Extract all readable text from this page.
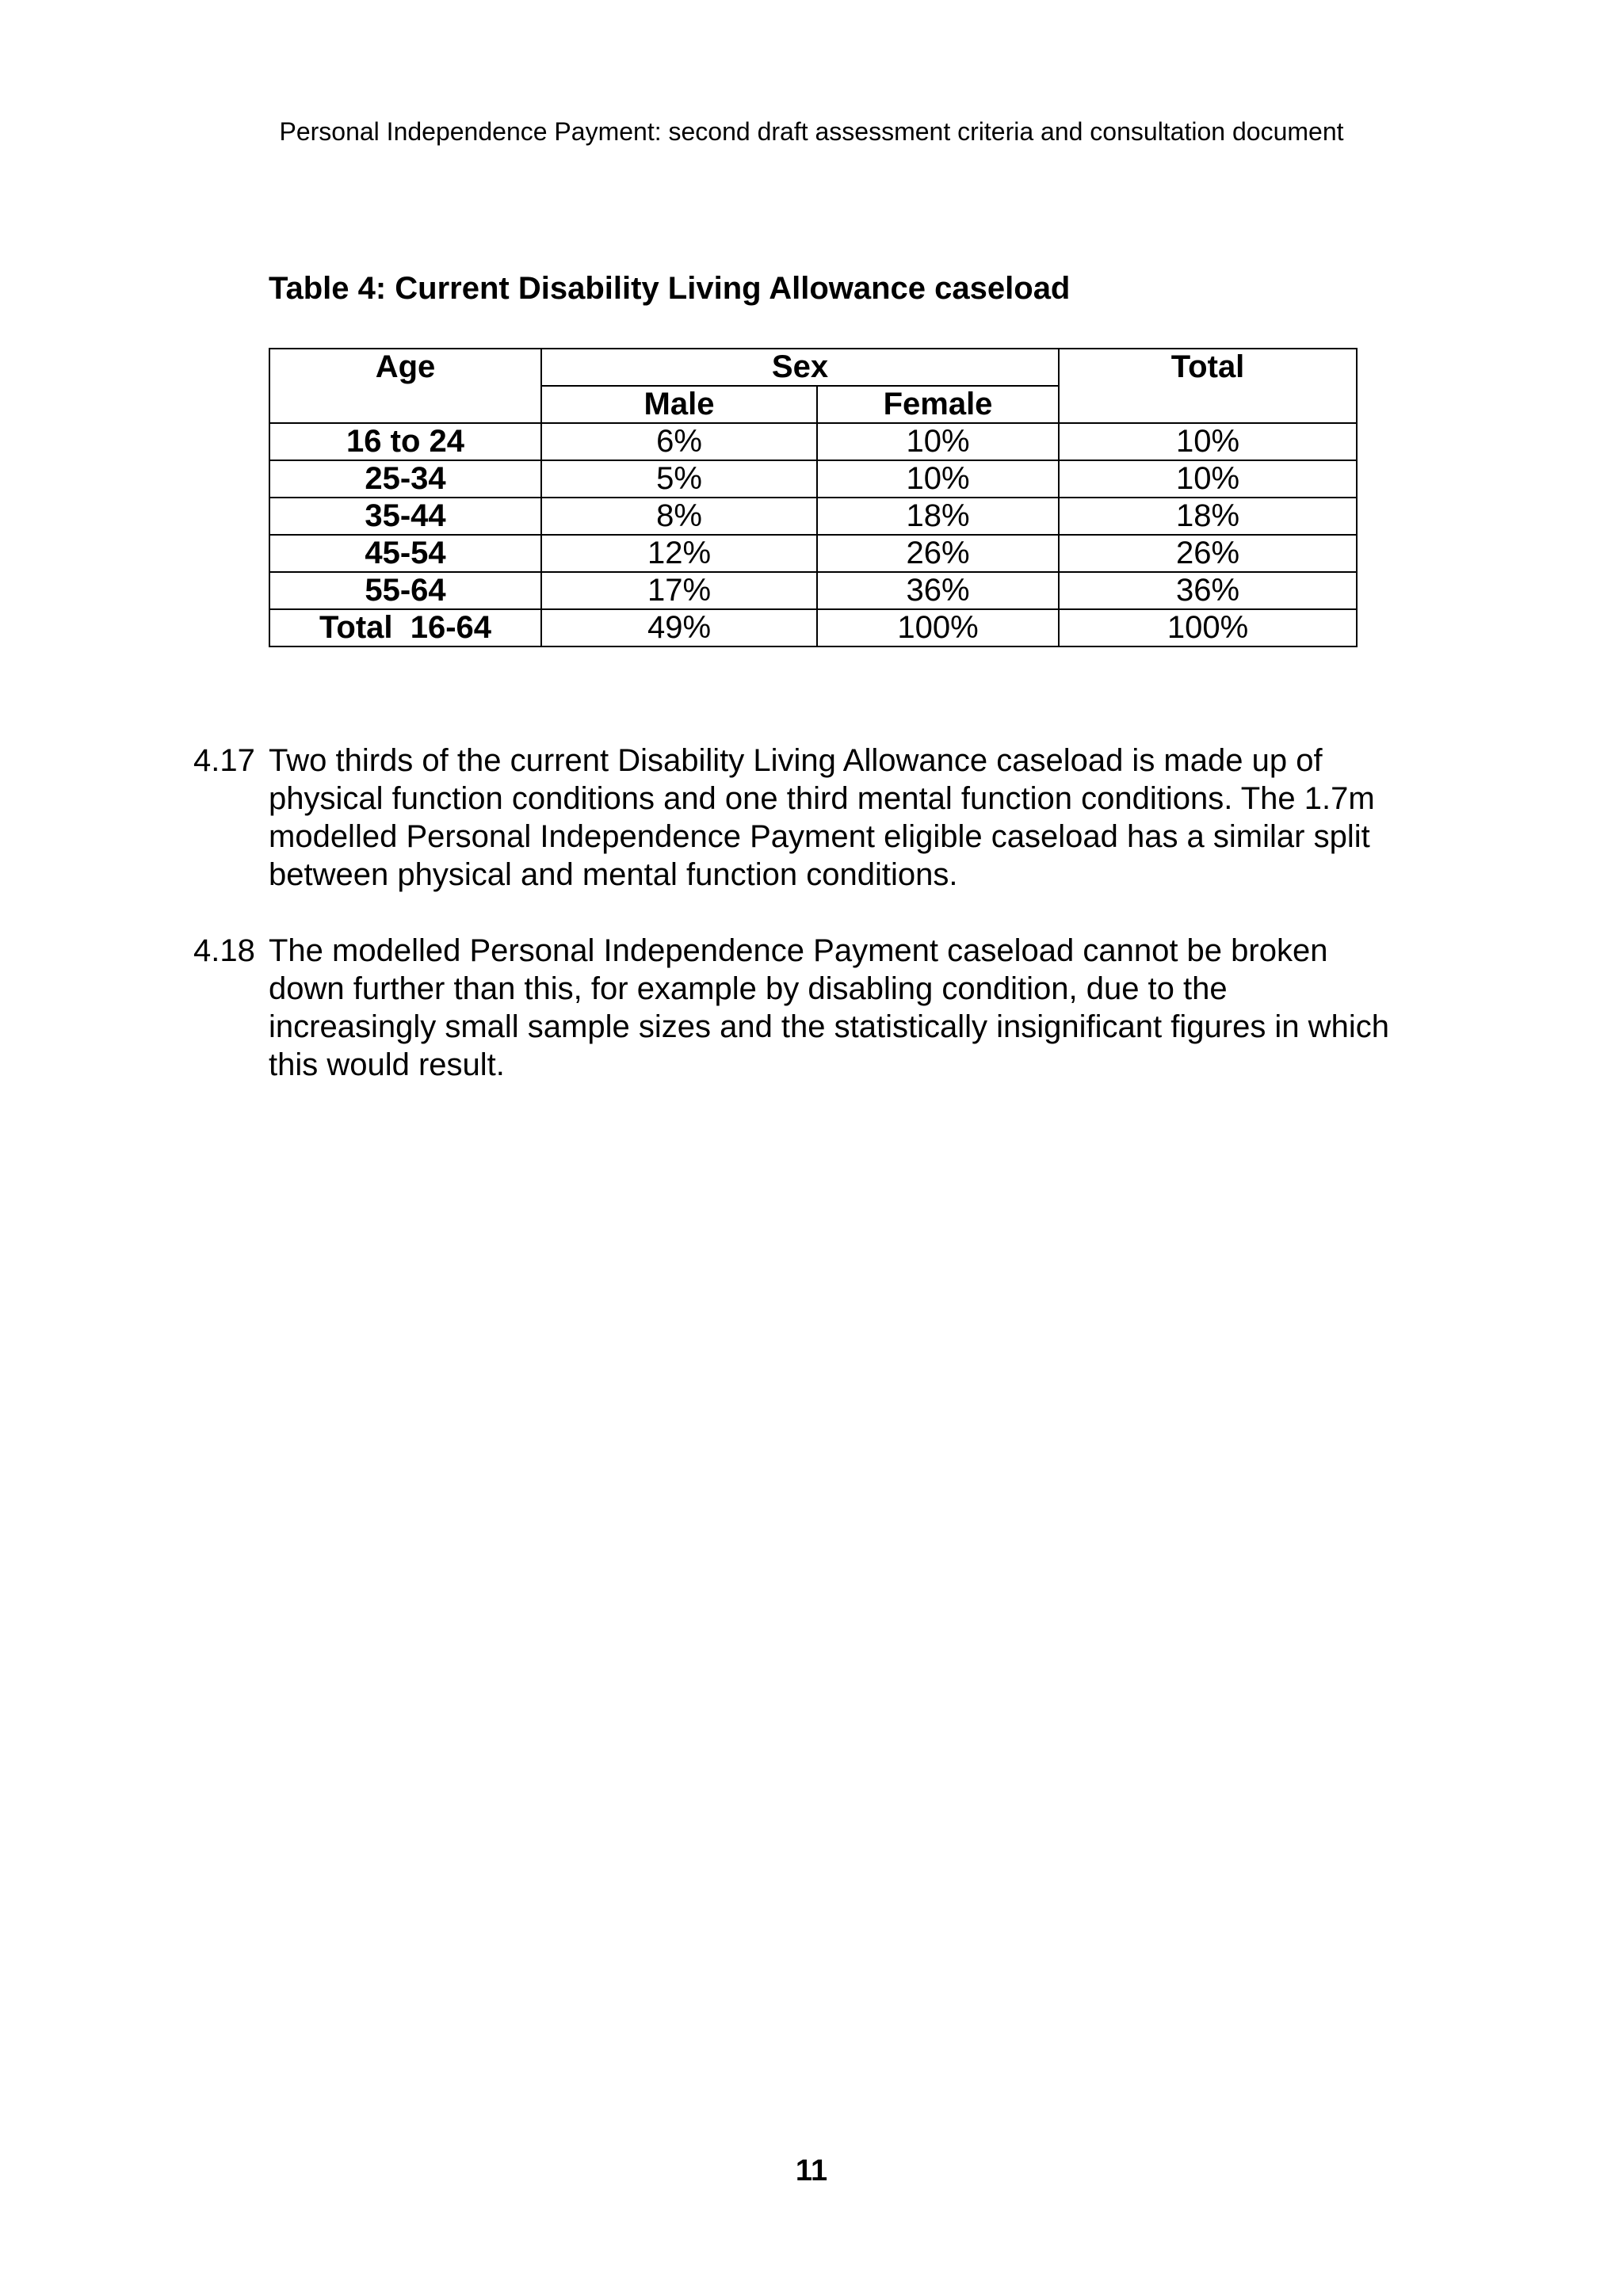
Personal Independence Payment: second draft assessment criteria and consultation document
Table 4: Current Disability Living Allowance caseload
Age	Sex		Total
	Male	Female	
16 to 24	6%	10%	10%
25-34	5%	10%	10%
35-44	8%	18%	18%
45-54	12%	26%	26%
55-64	17%	36%	36%
Total  16-64	49%	100%	100%
4.17 Two thirds of the current Disability Living Allowance caseload is made up of
physical function conditions and one third mental function conditions. The 1.7m
modelled Personal Independence Payment eligible caseload has a similar split
between physical and mental function conditions.
4.18 The modelled Personal Independence Payment caseload cannot be broken
down further than this, for example by disabling condition, due to the
increasingly small sample sizes and the statistically insignificant figures in which
this would result.
11
